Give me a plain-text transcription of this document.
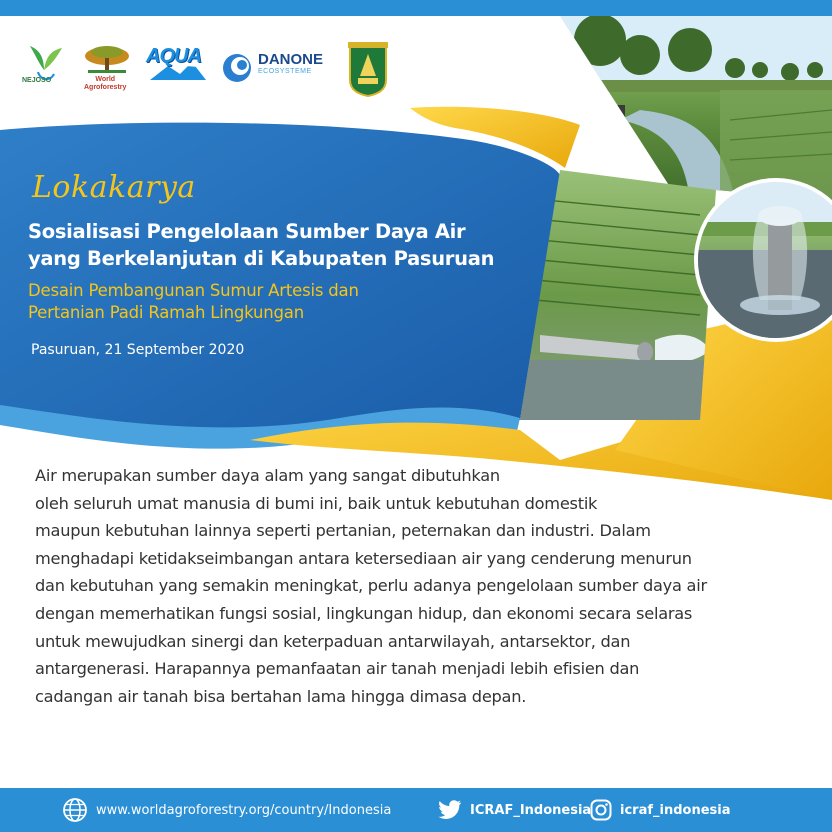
NEJOSO	World
Agroforestry
AQUA	DANONE
ECOSYSTEME
Lokakarya
Sosialisasi Pengelolaan Sumber Daya Air
yang Berkelanjutan di Kabupaten Pasuruan
Desain Pembangunan Sumur Artesis dan
Pertanian Padi Ramah Lingkungan
Pasuruan, 21 September 2020
Air merupakan sumber daya alam yang sangat dibutuhkan
oleh seluruh umat manusia di bumi ini, baik untuk kebutuhan domestik
maupun kebutuhan lainnya seperti pertanian, peternakan dan industri. Dalam
menghadapi ketidakseimbangan antara ketersediaan air yang cenderung menurun
dan kebutuhan yang semakin meningkat, perlu adanya pengelolaan sumber daya air
dengan memerhatikan fungsi sosial, lingkungan hidup, dan ekonomi secara selaras
untuk mewujudkan sinergi dan keterpaduan antarwilayah, antarsektor, dan
antargenerasi. Harapannya pemanfaatan air tanah menjadi lebih efisien dan
cadangan air tanah bisa bertahan lama hingga dimasa depan.
www.worldagroforestry.org/country/Indonesia	ICRAF_Indonesia icraf_indonesia
